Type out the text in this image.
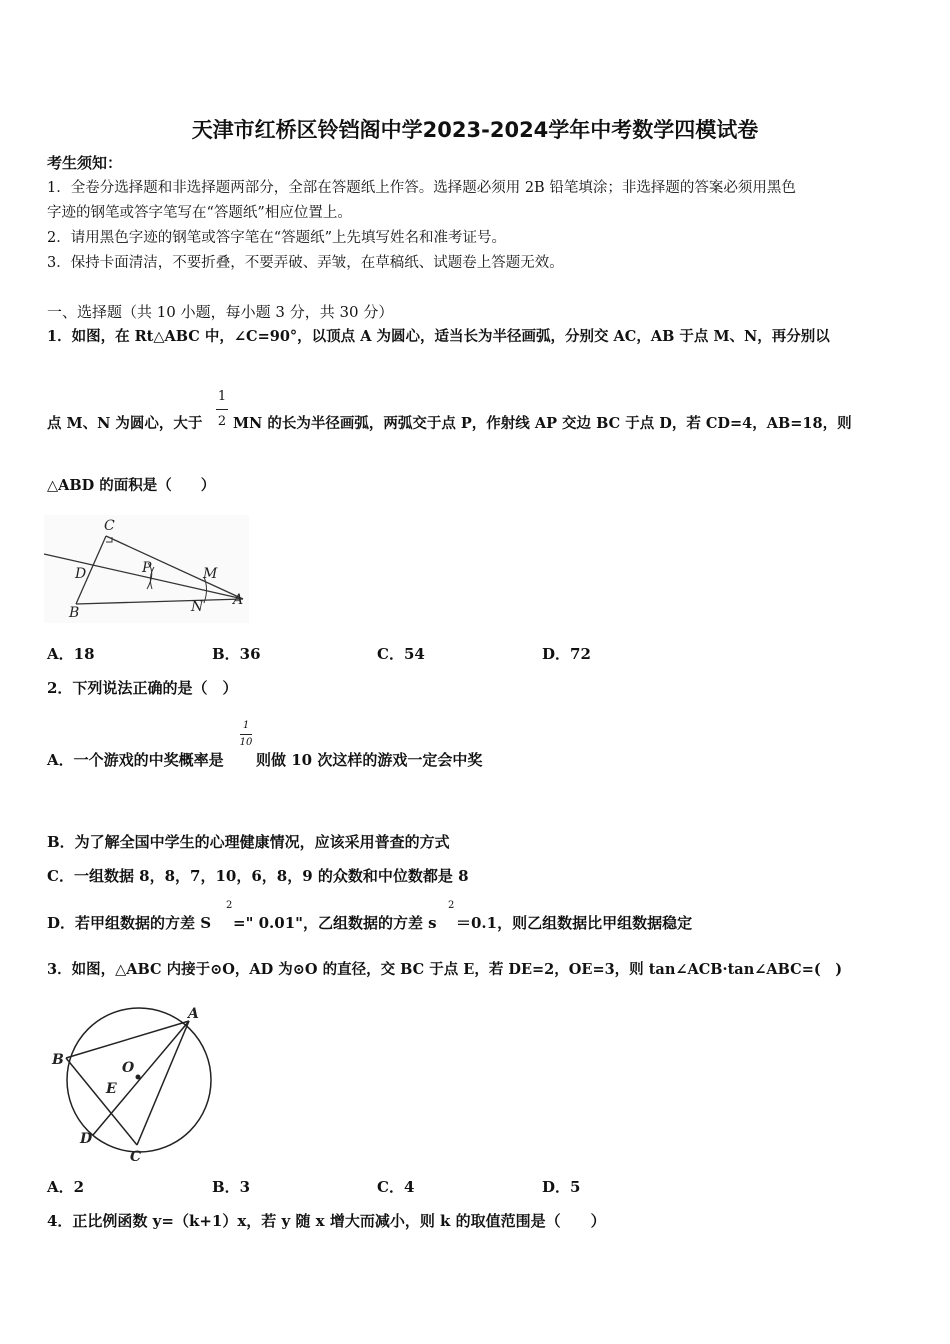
天津市红桥区铃铛阁中学2023-2024学年中考数学四模试卷
考生须知：
1．全卷分选择题和非选择题两部分，全部在答题纸上作答。选择题必须用 2B 铅笔填涂；非选择题的答案必须用黑色
字迹的钢笔或答字笔写在“答题纸”相应位置上。
2．请用黑色字迹的钢笔或答字笔在“答题纸”上先填写姓名和准考证号。
3．保持卡面清洁，不要折叠，不要弄破、弄皱，在草稿纸、试题卷上答题无效。
一、选择题（共 10 小题，每小题 3 分，共 30 分）
1．如图，在 Rt△ABC 中，∠C=90°，以顶点 A 为圆心，适当长为半径画弧，分别交 AC，AB 于点 M、N，再分别以
点 M、N 为圆心，大于
1
2 MN 的长为半径画弧，两弧交于点 P，作射线 AP 交边 BC 于点 D，若 CD=4，AB=18，则
△ABD 的面积是（　　）
C
D	P	M
B	N A
A．18	B．36	C．54	D．72
2．下列说法正确的是（　）
A．一个游戏的中奖概率是
1
10
则做 10 次这样的游戏一定会中奖
B．为了解全国中学生的心理健康情况，应该采用普查的方式
C．一组数据 8，8，7，10，6，8，9 的众数和中位数都是 8
D．若甲组数据的方差 S
2
=" 0.01"，乙组数据的方差 s
2
＝0.1，则乙组数据比甲组数据稳定
3．如图，△ABC 内接于⊙O，AD 为⊙O 的直径，交 BC 于点 E，若 DE=2，OE=3，则 tan∠ACB·tan∠ABC=(　)
A
B	O
E
D
C
A．2	B．3	C．4	D．5
4．正比例函数 y=（k+1）x，若 y 随 x 增大而减小，则 k 的取值范围是（　　）
